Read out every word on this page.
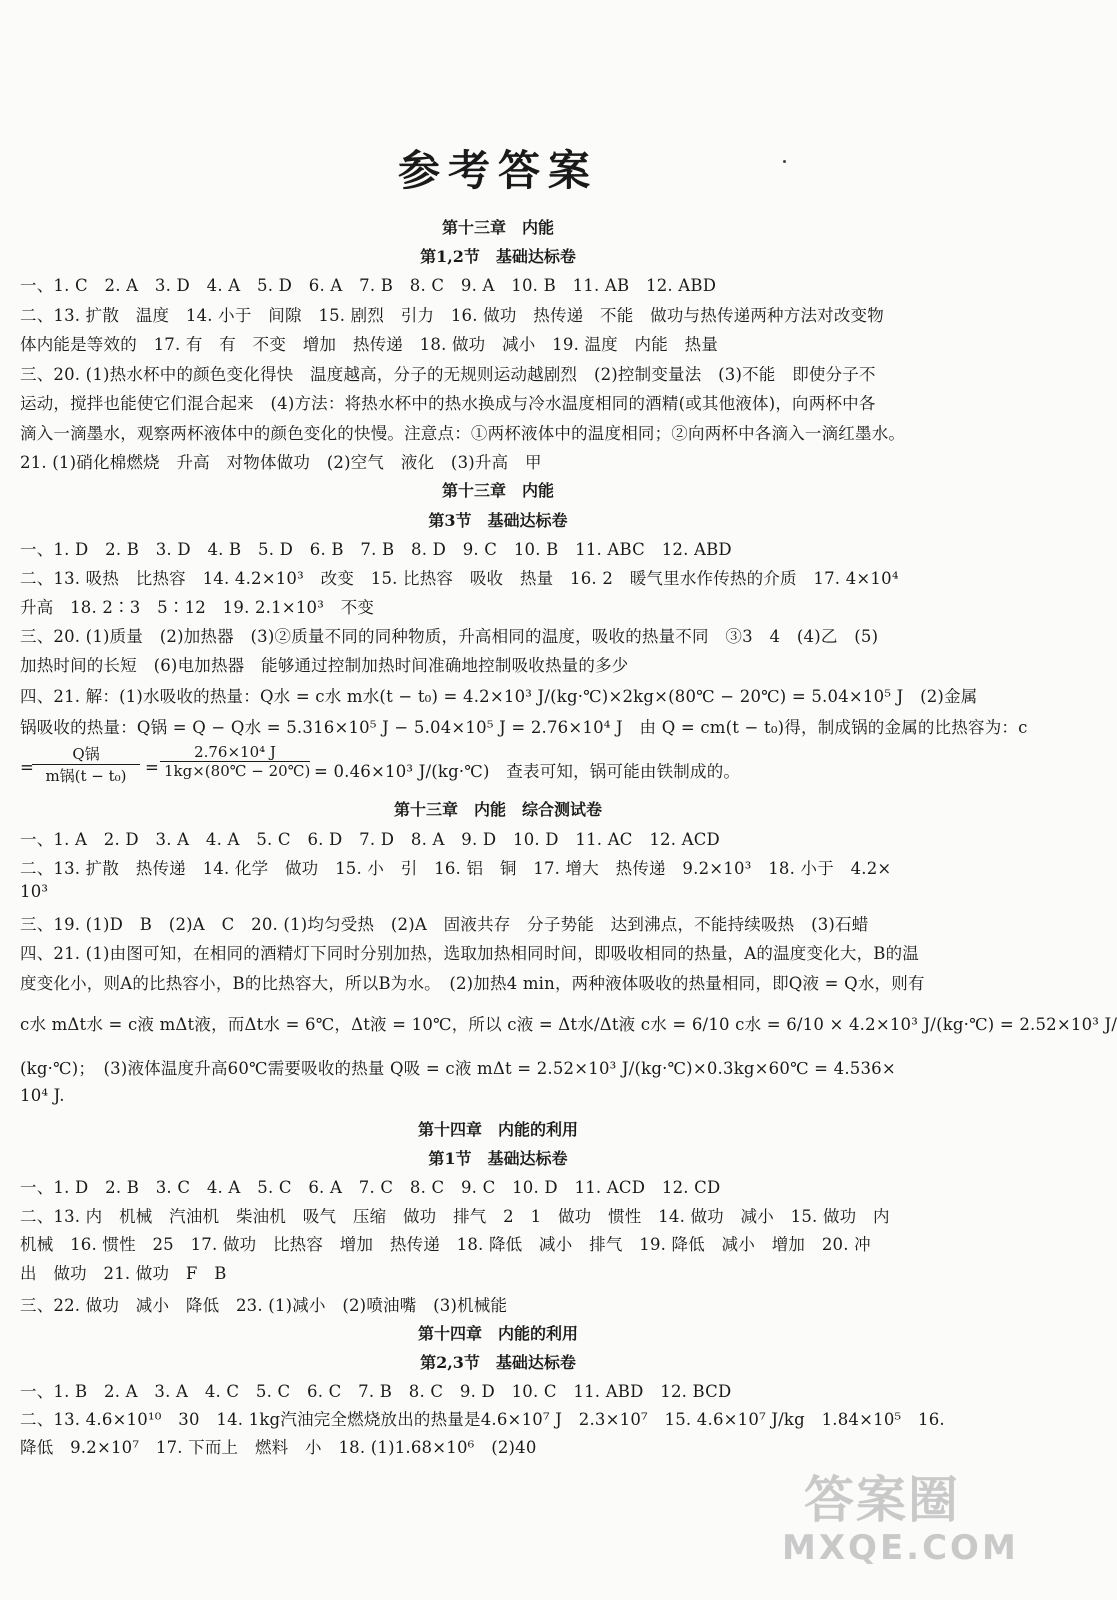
参考答案
第十三章　内能
第1,2节　基础达标卷
一、1. C　2. A　3. D　4. A　5. D　6. A　7. B　8. C　9. A　10. B　11. AB　12. ABD
二、13. 扩散　温度　14. 小于　间隙　15. 剧烈　引力　16. 做功　热传递　不能　做功与热传递两种方法对改变物
体内能是等效的　17. 有　有　不变　增加　热传递　18. 做功　减小　19. 温度　内能　热量
三、20. (1)热水杯中的颜色变化得快　温度越高，分子的无规则运动越剧烈　(2)控制变量法　(3)不能　即使分子不
运动，搅拌也能使它们混合起来　(4)方法：将热水杯中的热水换成与冷水温度相同的酒精(或其他液体)，向两杯中各
滴入一滴墨水，观察两杯液体中的颜色变化的快慢。注意点：①两杯液体中的温度相同；②向两杯中各滴入一滴红墨水。
21. (1)硝化棉燃烧　升高　对物体做功　(2)空气　液化　(3)升高　甲
第十三章　内能
第3节　基础达标卷
一、1. D　2. B　3. D　4. B　5. D　6. B　7. B　8. D　9. C　10. B　11. ABC　12. ABD
二、13. 吸热　比热容　14. 4.2×10³　改变　15. 比热容　吸收　热量　16. 2　暖气里水作传热的介质　17. 4×10⁴
升高　18. 2∶3　5∶12　19. 2.1×10³　不变
三、20. (1)质量　(2)加热器　(3)②质量不同的同种物质，升高相同的温度，吸收的热量不同　③3　4　(4)乙　(5)
加热时间的长短　(6)电加热器　能够通过控制加热时间准确地控制吸收热量的多少
四、21. 解：(1)水吸收的热量：Q水 = c水 m水(t − t₀) = 4.2×10³ J/(kg·℃)×2kg×(80℃ − 20℃) = 5.04×10⁵ J　(2)金属
锅吸收的热量：Q锅 = Q − Q水 = 5.316×10⁵ J − 5.04×10⁵ J = 2.76×10⁴ J　由 Q = cm(t − t₀)得，制成锅的金属的比热容为：c
=
Q锅
m锅(t − t₀)	=
2.76×10⁴ J
1kg×(80℃ − 20℃) = 0.46×10³ J/(kg·℃)　查表可知，锅可能由铁制成的。
第十三章　内能　综合测试卷
一、1. A　2. D　3. A　4. A　5. C　6. D　7. D　8. A　9. D　10. D　11. AC　12. ACD
二、13. 扩散　热传递　14. 化学　做功　15. 小　引　16. 铝　铜　17. 增大　热传递　9.2×10³　18. 小于　4.2×
10³
三、19. (1)D　B　(2)A　C　20. (1)均匀受热　(2)A　固液共存　分子势能　达到沸点，不能持续吸热　(3)石蜡
四、21. (1)由图可知，在相同的酒精灯下同时分别加热，选取加热相同时间，即吸收相同的热量，A的温度变化大，B的温
度变化小，则A的比热容小，B的比热容大，所以B为水。　(2)加热4 min，两种液体吸收的热量相同，即Q液 = Q水，则有
c水 mΔt水 = c液 mΔt液，而Δt水 = 6℃，Δt液 = 10℃，所以 c液 = Δt水/Δt液 c水 = 6/10 c水 = 6/10 × 4.2×10³ J/(kg·℃) = 2.52×10³ J/
(kg·℃)；　(3)液体温度升高60℃需要吸收的热量 Q吸 = c液 mΔt = 2.52×10³ J/(kg·℃)×0.3kg×60℃ = 4.536×
10⁴ J.
第十四章　内能的利用
第1节　基础达标卷
一、1. D　2. B　3. C　4. A　5. C　6. A　7. C　8. C　9. C　10. D　11. ACD　12. CD
二、13. 内　机械　汽油机　柴油机　吸气　压缩　做功　排气　2　1　做功　惯性　14. 做功　减小　15. 做功　内
机械　16. 惯性　25　17. 做功　比热容　增加　热传递　18. 降低　减小　排气　19. 降低　减小　增加　20. 冲
出　做功　21. 做功　F　B
三、22. 做功　减小　降低　23. (1)减小　(2)喷油嘴　(3)机械能
第十四章　内能的利用
第2,3节　基础达标卷
一、1. B　2. A　3. A　4. C　5. C　6. C　7. B　8. C　9. D　10. C　11. ABD　12. BCD
二、13. 4.6×10¹⁰　30　14. 1kg汽油完全燃烧放出的热量是4.6×10⁷ J　2.3×10⁷　15. 4.6×10⁷ J/kg　1.84×10⁵　16.
降低　9.2×10⁷　17. 下而上　燃料　小　18. (1)1.68×10⁶　(2)40
答案圈
MXQE.COM
